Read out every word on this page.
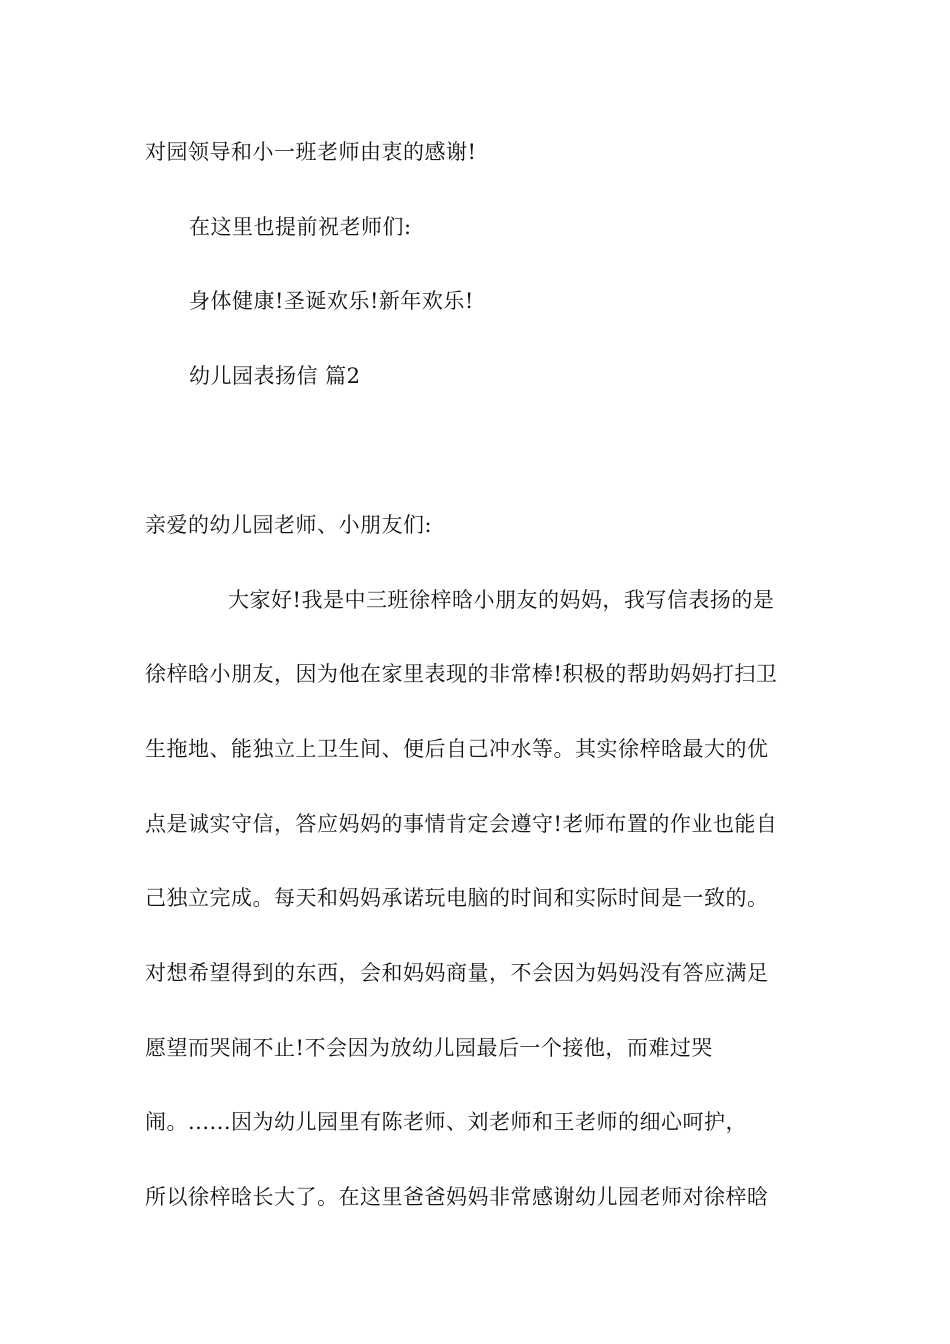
对园领导和小一班老师由衷的感谢!
在这里也提前祝老师们:
身体健康!圣诞欢乐!新年欢乐!
幼儿园表扬信 篇2
亲爱的幼儿园老师、小朋友们:
大家好!我是中三班徐梓晗小朋友的妈妈，我写信表扬的是
徐梓晗小朋友，因为他在家里表现的非常棒!积极的帮助妈妈打扫卫
生拖地、能独立上卫生间、便后自己冲水等。其实徐梓晗最大的优
点是诚实守信，答应妈妈的事情肯定会遵守!老师布置的作业也能自
己独立完成。每天和妈妈承诺玩电脑的时间和实际时间是一致的。
对想希望得到的东西，会和妈妈商量，不会因为妈妈没有答应满足
愿望而哭闹不止!不会因为放幼儿园最后一个接他，而难过哭
闹。......因为幼儿园里有陈老师、刘老师和王老师的细心呵护，
所以徐梓晗长大了。在这里爸爸妈妈非常感谢幼儿园老师对徐梓晗
